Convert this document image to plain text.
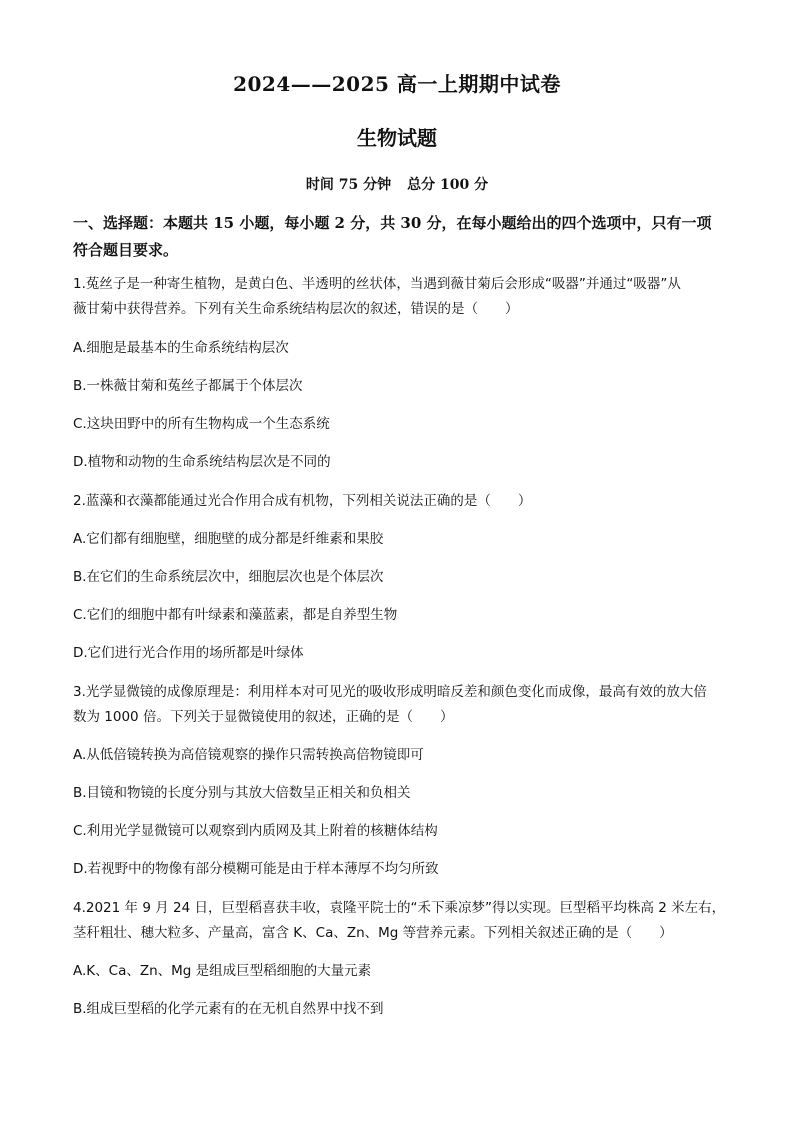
2024——2025 高一上期期中试卷
生物试题
时间 75 分钟 总分 100 分
一、选择题：本题共 15 小题，每小题 2 分，共 30 分，在每小题给出的四个选项中，只有一项符合题目要求。
1.菟丝子是一种寄生植物，是黄白色、半透明的丝状体，当遇到薇甘菊后会形成“吸器”并通过“吸器”从
薇甘菊中获得营养。下列有关生命系统结构层次的叙述，错误的是（　　）
A.细胞是最基本的生命系统结构层次
B.一株薇甘菊和菟丝子都属于个体层次
C.这块田野中的所有生物构成一个生态系统
D.植物和动物的生命系统结构层次是不同的
2.蓝藻和衣藻都能通过光合作用合成有机物，下列相关说法正确的是（　　）
A.它们都有细胞壁，细胞壁的成分都是纤维素和果胶
B.在它们的生命系统层次中，细胞层次也是个体层次
C.它们的细胞中都有叶绿素和藻蓝素，都是自养型生物
D.它们进行光合作用的场所都是叶绿体
3.光学显微镜的成像原理是：利用样本对可见光的吸收形成明暗反差和颜色变化而成像，最高有效的放大倍
数为 1000 倍。下列关于显微镜使用的叙述，正确的是（　　）
A.从低倍镜转换为高倍镜观察的操作只需转换高倍物镜即可
B.目镜和物镜的长度分别与其放大倍数呈正相关和负相关
C.利用光学显微镜可以观察到内质网及其上附着的核糖体结构
D.若视野中的物像有部分模糊可能是由于样本薄厚不均匀所致
4.2021 年 9 月 24 日，巨型稻喜获丰收，袁隆平院士的“禾下乘凉梦”得以实现。巨型稻平均株高 2 米左右，
茎秆粗壮、穗大粒多、产量高，富含 K、Ca、Zn、Mg 等营养元素。下列相关叙述正确的是（　　）
A.K、Ca、Zn、Mg 是组成巨型稻细胞的大量元素
B.组成巨型稻的化学元素有的在无机自然界中找不到
